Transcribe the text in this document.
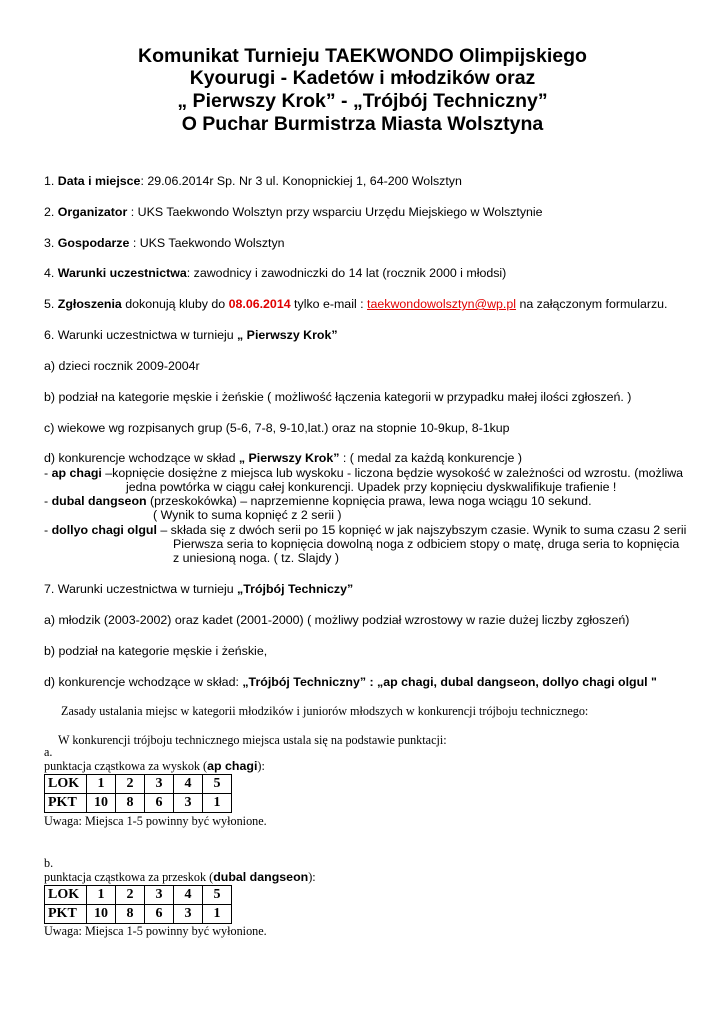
Komunikat Turnieju TAEKWONDO Olimpijskiego
Kyourugi - Kadetów i młodzików oraz
„ Pierwszy Krok” - „Trójbój Techniczny”
O Puchar Burmistrza Miasta Wolsztyna
1. Data i miejsce: 29.06.2014r Sp. Nr 3 ul. Konopnickiej 1, 64-200 Wolsztyn
2. Organizator : UKS Taekwondo Wolsztyn przy wsparciu Urzędu Miejskiego w Wolsztynie
3. Gospodarze : UKS Taekwondo Wolsztyn
4. Warunki uczestnictwa: zawodnicy i zawodniczki do 14 lat (rocznik 2000 i młodsi)
5. Zgłoszenia dokonują kluby do 08.06.2014 tylko e-mail : taekwondowolsztyn@wp.pl na załączonym formularzu.
6. Warunki uczestnictwa w turnieju „ Pierwszy Krok”
a) dzieci rocznik 2009-2004r
b) podział na kategorie męskie i żeńskie ( możliwość łączenia kategorii w przypadku małej ilości zgłoszeń. )
c) wiekowe wg rozpisanych grup (5-6, 7-8, 9-10,lat.) oraz na stopnie 10-9kup, 8-1kup
d) konkurencje wchodzące w skład „ Pierwszy Krok” : ( medal za każdą konkurencje )
- ap chagi –kopnięcie dosiężne z miejsca lub wyskoku - liczona będzie wysokość w zależności od wzrostu. (możliwa
jedna powtórka w ciągu całej konkurencji. Upadek przy kopnięciu dyskwalifikuje trafienie !
- dubal dangseon (przeskokówka) – naprzemienne kopnięcia prawa, lewa noga wciągu 10 sekund.
( Wynik to suma kopnięć z 2 serii )
- dollyo chagi olgul – składa się z dwóch serii po 15 kopnięć w jak najszybszym czasie. Wynik to suma czasu 2 serii
Pierwsza seria to kopnięcia dowolną noga z odbiciem stopy o matę, druga seria to kopnięcia
z uniesioną noga. ( tz. Slajdy )
7. Warunki uczestnictwa w turnieju „Trójbój Techniczy”
a) młodzik (2003-2002) oraz kadet (2001-2000) ( możliwy podział wzrostowy w razie dużej liczby zgłoszeń)
b) podział na kategorie męskie i żeńskie,
d) konkurencje wchodzące w skład: „Trójbój Techniczny” : „ap chagi, dubal dangseon, dollyo chagi olgul "
Zasady ustalania miejsc w kategorii młodzików i juniorów młodszych w konkurencji trójboju technicznego:
W konkurencji trójboju technicznego miejsca ustala się na podstawie punktacji:
a.
punktacja cząstkowa za wyskok (ap chagi):
LOK	1	2	3	4	5
PKT	10	8	6	3	1
Uwaga: Miejsca 1-5 powinny być wyłonione.
b.
punktacja cząstkowa za przeskok (dubal dangseon):
LOK	1	2	3	4	5
PKT	10	8	6	3	1
Uwaga: Miejsca 1-5 powinny być wyłonione.
